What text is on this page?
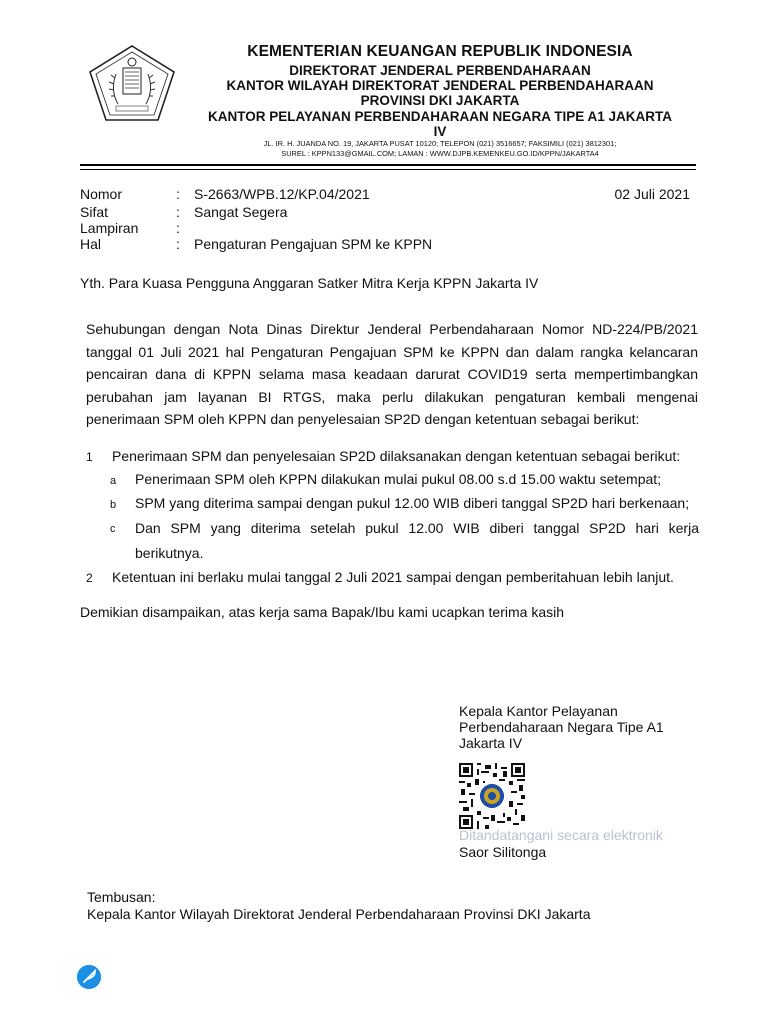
KEMENTERIAN KEUANGAN REPUBLIK INDONESIA
DIREKTORAT JENDERAL PERBENDAHARAAN
KANTOR WILAYAH DIREKTORAT JENDERAL PERBENDAHARAAN
PROVINSI DKI JAKARTA
KANTOR PELAYANAN PERBENDAHARAAN NEGARA TIPE A1 JAKARTA
IV
JL. IR. H. JUANDA NO. 19, JAKARTA PUSAT 10120; TELEPON (021) 3516657; FAKSIMILI (021) 3812301;
SUREL : KPPN133@GMAIL.COM; LAMAN : WWW.DJPB.KEMENKEU.GO.ID/KPPN/JAKARTA4
Nomor	: S-2663/WPB.12/KP.04/2021	02 Juli 2021
Sifat	: Sangat Segera
Lampiran	:
Hal	: Pengaturan Pengajuan SPM ke KPPN
Yth. Para Kuasa Pengguna Anggaran Satker Mitra Kerja KPPN Jakarta IV
Sehubungan dengan Nota Dinas Direktur Jenderal Perbendaharaan Nomor ND-224/PB/2021 tanggal 01 Juli 2021 hal Pengaturan Pengajuan SPM ke KPPN dan dalam rangka kelancaran pencairan dana di KPPN selama masa keadaan darurat COVID19 serta mempertimbangkan perubahan jam layanan BI RTGS, maka perlu dilakukan pengaturan kembali mengenai penerimaan SPM oleh KPPN dan penyelesaian SP2D dengan ketentuan sebagai berikut:
1 Penerimaan SPM dan penyelesaian SP2D dilaksanakan dengan ketentuan sebagai berikut:
a Penerimaan SPM oleh KPPN dilakukan mulai pukul 08.00 s.d 15.00 waktu setempat;
b SPM yang diterima sampai dengan pukul 12.00 WIB diberi tanggal SP2D hari berkenaan;
c Dan SPM yang diterima setelah pukul 12.00 WIB diberi tanggal SP2D hari kerja berikutnya.
2 Ketentuan ini berlaku mulai tanggal 2 Juli 2021 sampai dengan pemberitahuan lebih lanjut.
Demikian disampaikan, atas kerja sama Bapak/Ibu kami ucapkan terima kasih
Kepala Kantor Pelayanan
Perbendaharaan Negara Tipe A1
Jakarta IV
Ditandatangani secara elektronik
Saor Silitonga
Tembusan:
Kepala Kantor Wilayah Direktorat Jenderal Perbendaharaan Provinsi DKI Jakarta
